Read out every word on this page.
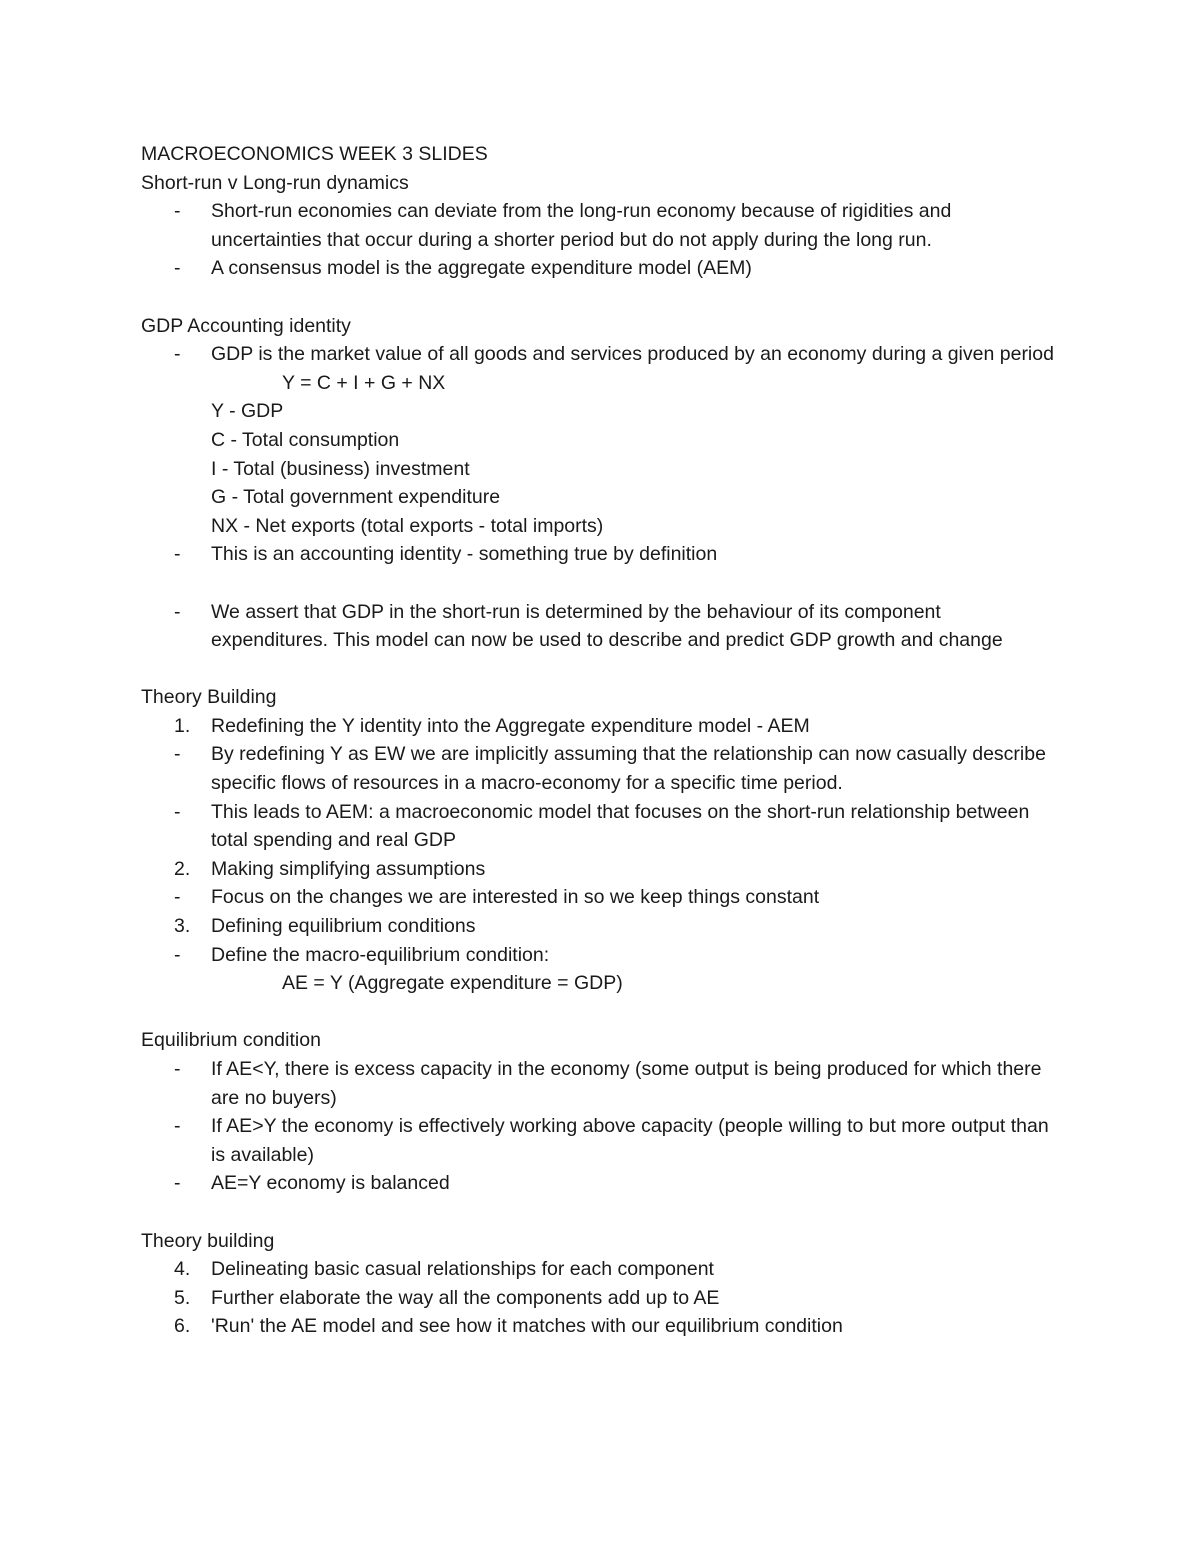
MACROECONOMICS WEEK 3 SLIDES

Short-run v Long-run dynamics

- Short-run economies can deviate from the long-run economy because of rigidities and uncertainties that occur during a shorter period but do not apply during the long run.
- A consensus model is the aggregate expenditure model (AEM)

GDP Accounting identity

- GDP is the market value of all goods and services produced by an economy during a given period

Y = C + I + G + NX

Y - GDP

C - Total consumption

I - Total (business) investment

G - Total government expenditure

NX - Net exports (total exports - total imports)

- This is an accounting identity - something true by definition
- We assert that GDP in the short-run is determined by the behaviour of its component expenditures. This model can now be used to describe and predict GDP growth and change

Theory Building

1.	Redefining the Y identity into the Aggregate expenditure model - AEM
- By redefining Y as EW we are implicitly assuming that the relationship can now casually describe specific flows of resources in a macro-economy for a specific time period.
- This leads to AEM: a macroeconomic model that focuses on the short-run relationship between total spending and real GDP
2.	Making simplifying assumptions
- Focus on the changes we are interested in so we keep things constant
3.	Defining equilibrium conditions
- Define the macro-equilibrium condition:

AE = Y (Aggregate expenditure = GDP)

Equilibrium condition

- If AE<Y, there is excess capacity in the economy (some output is being produced for which there are no buyers)
- If AE>Y the economy is effectively working above capacity (people willing to but more output than is available)
- AE=Y economy is balanced

Theory building

4.	Delineating basic casual relationships for each component
5.	Further elaborate the way all the components add up to AE
6.	'Run' the AE model and see how it matches with our equilibrium condition
